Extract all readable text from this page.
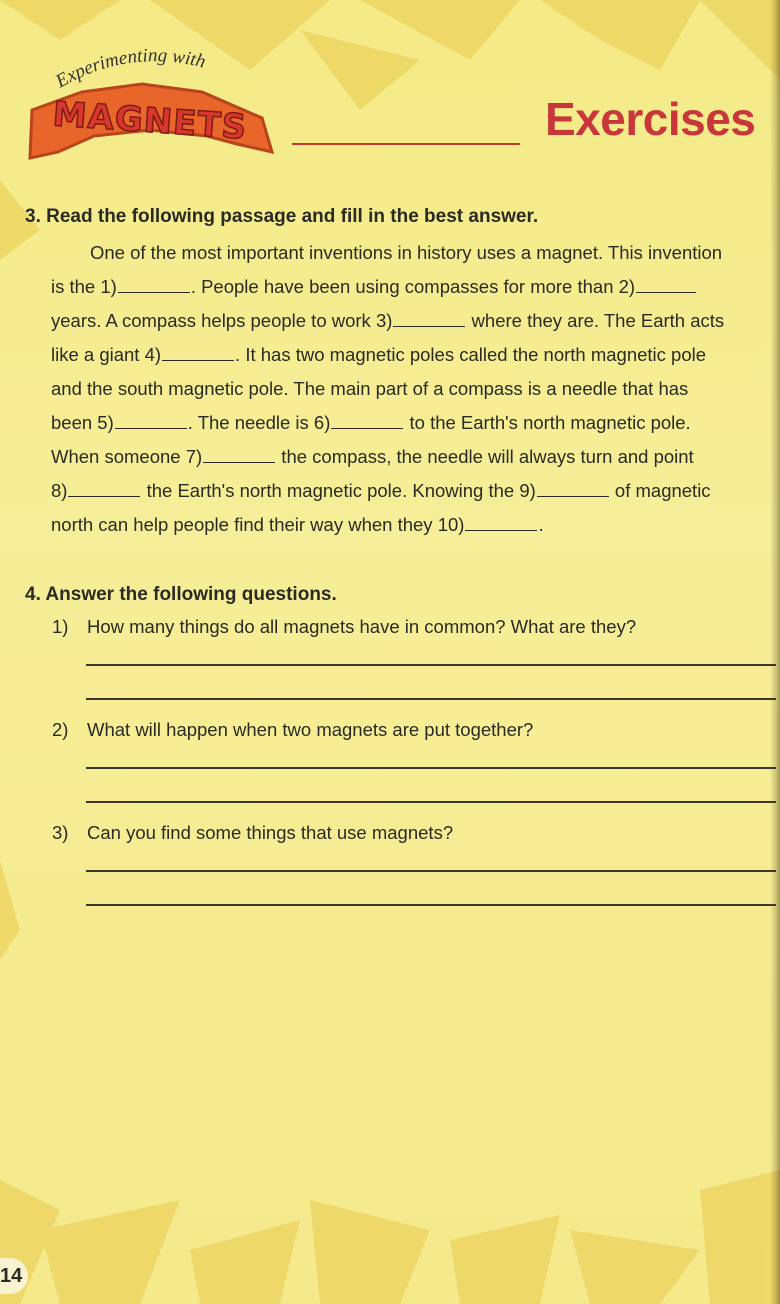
Experimenting with
MAGNETS	Exercises
3. Read the following passage and fill in the best answer.
One of the most important inventions in history uses a magnet. This invention
is the 1)	. People have been using compasses for more than 2)
years. A compass helps people to work 3)	where they are. The Earth acts
like a giant 4)	. It has two magnetic poles called the north magnetic pole
and the south magnetic pole. The main part of a compass is a needle that has
been 5)	. The needle is 6)	to the Earth's north magnetic pole.
When someone 7)	the compass, the needle will always turn and point
8)	the Earth's north magnetic pole. Knowing the 9)	of magnetic
north can help people find their way when they 10)	.
4. Answer the following questions.
1) How many things do all magnets have in common? What are they?
2) What will happen when two magnets are put together?
3) Can you find some things that use magnets?
14
